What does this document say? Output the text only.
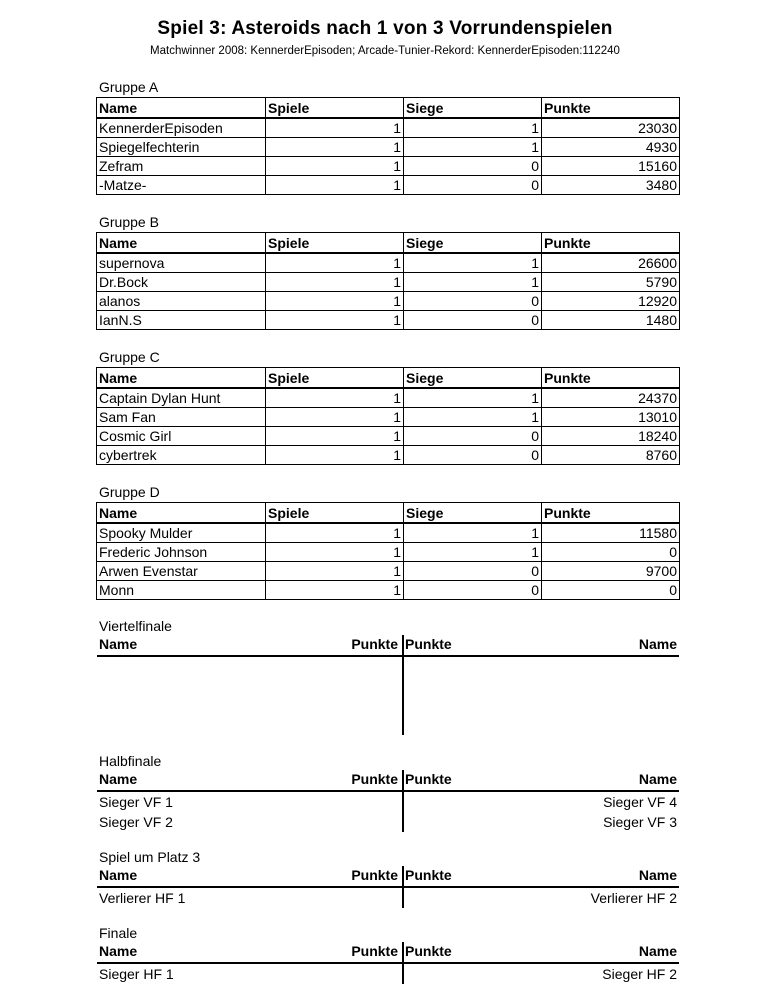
Spiel 3: Asteroids nach 1 von 3 Vorrundenspielen
Matchwinner 2008: KennerderEpisoden; Arcade-Tunier-Rekord: KennerderEpisoden:112240
Gruppe A
Name	Spiele	Siege	Punkte
KennerderEpisoden	1	1	23030
Spiegelfechterin	1	1	4930
Zefram	1	0	15160
-Matze-	1	0	3480
Gruppe B
Name	Spiele	Siege	Punkte
supernova	1	1	26600
Dr.Bock	1	1	5790
alanos	1	0	12920
IanN.S	1	0	1480
Gruppe C
Name	Spiele	Siege	Punkte
Captain Dylan Hunt	1	1	24370
Sam Fan	1	1	13010
Cosmic Girl	1	0	18240
cybertrek	1	0	8760
Gruppe D
Name	Spiele	Siege	Punkte
Spooky Mulder	1	1	11580
Frederic Johnson	1	1	0
Arwen Evenstar	1	0	9700
Monn	1	0	0
Viertelfinale
Name	Punkte Punkte	Name
Halbfinale
Name	Punkte Punkte	Name
Sieger VF 1	Sieger VF 4
Sieger VF 2	Sieger VF 3
Spiel um Platz 3
Name	Punkte Punkte	Name
Verlierer HF 1	Verlierer HF 2
Finale
Name	Punkte Punkte	Name
Sieger HF 1	Sieger HF 2
